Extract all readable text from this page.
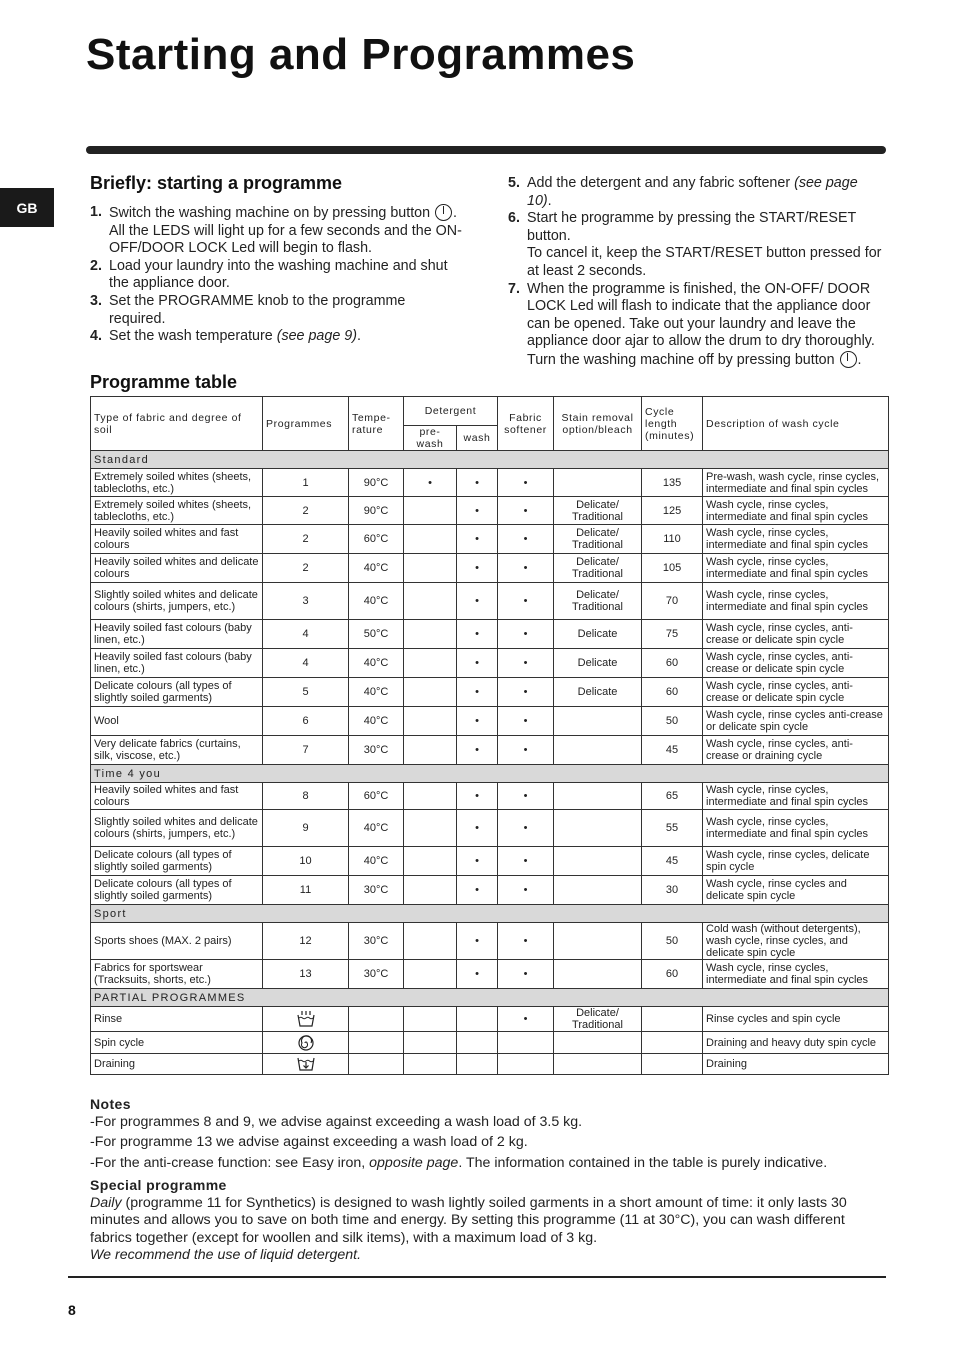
Starting and Programmes
GB
Briefly: starting a programme
1. Switch the washing machine on by pressing button . All the LEDS will light up for a few seconds and the ON-OFF/DOOR LOCK Led will begin to flash.
2. Load your laundry into the washing machine and shut the appliance door.
3. Set the PROGRAMME knob to the programme required.
4. Set the wash temperature (see page 9).
5. Add the detergent and any fabric softener (see page 10).
6. Start he programme by pressing the START/RESET button.
To cancel it, keep the START/RESET button pressed for at least 2 seconds.
7. When the programme is finished, the ON-OFF/ DOOR LOCK Led will flash to indicate that the appliance door can be opened. Take out your laundry and leave the appliance door ajar to allow the drum to dry thoroughly. Turn the washing machine off by pressing button .
Programme table
Type of fabric and degree of soil	Programmes	Tempe-rature	Detergent		Fabric softener	Stain removal option/bleach	Cycle length (minutes)	Description of wash cycle
			pre-wash	wash				
Standard								
Extremely soiled whites (sheets, tablecloths, etc.)	1	90°C	•	•	•		135	Pre-wash, wash cycle, rinse cycles, intermediate and final spin cycles
Extremely soiled whites (sheets, tablecloths, etc.)	2	90°C		•	•	Delicate/ Traditional	125	Wash cycle, rinse cycles, intermediate and final spin cycles
Heavily soiled whites and fast colours	2	60°C		•	•	Delicate/ Traditional	110	Wash cycle, rinse cycles, intermediate and final spin cycles
Heavily soiled whites and delicate colours	2	40°C		•	•	Delicate/ Traditional	105	Wash cycle, rinse cycles, intermediate and final spin cycles
Slightly soiled whites and delicate colours (shirts, jumpers, etc.)	3	40°C		•	•	Delicate/ Traditional	70	Wash cycle, rinse cycles, intermediate and final spin cycles
Heavily soiled fast colours (baby linen, etc.)	4	50°C		•	•	Delicate	75	Wash cycle, rinse cycles, anti-crease or delicate spin cycle
Heavily soiled fast colours (baby linen, etc.)	4	40°C		•	•	Delicate	60	Wash cycle, rinse cycles, anti-crease or delicate spin cycle
Delicate colours (all types of slightly soiled garments)	5	40°C		•	•	Delicate	60	Wash cycle, rinse cycles, anti-crease or delicate spin cycle
Wool	6	40°C		•	•		50	Wash cycle, rinse cycles anti-crease or delicate spin cycle
Very delicate fabrics (curtains, silk, viscose, etc.)	7	30°C		•	•		45	Wash cycle, rinse cycles, anti-crease or draining cycle
Time 4 you								
Heavily soiled whites and fast colours	8	60°C		•	•		65	Wash cycle, rinse cycles, intermediate and final spin cycles
Slightly soiled whites and delicate colours (shirts, jumpers, etc.)	9	40°C		•	•		55	Wash cycle, rinse cycles, intermediate and final spin cycles
Delicate colours (all types of slightly soiled garments)	10	40°C		•	•		45	Wash cycle, rinse cycles, delicate spin cycle
Delicate colours (all types of slightly soiled garments)	11	30°C		•	•		30	Wash cycle, rinse cycles and delicate spin cycle
Sport								
Sports shoes (MAX. 2 pairs)	12	30°C		•	•		50	Cold wash (without detergents), wash cycle, rinse cycles, and delicate spin cycle
Fabrics for sportswear (Tracksuits, shorts, etc.)	13	30°C		•	•		60	Wash cycle, rinse cycles, intermediate and final spin cycles
PARTIAL PROGRAMMES								
Rinse					•	Delicate/ Traditional		Rinse cycles and spin cycle
Spin cycle								Draining and heavy duty spin cycle
Draining								Draining

Notes

-For programmes 8 and 9, we advise against exceeding a wash load of 3.5 kg.

-For programme 13 we advise against exceeding a wash load of 2 kg.

-For the anti-crease function: see Easy iron, opposite page. The information contained in the table is purely indicative.

Special programme

Daily (programme 11 for Synthetics) is designed to wash lightly soiled garments in a short amount of time: it only lasts 30 minutes and allows you to save on both time and energy. By setting this programme (11 at 30°C), you can wash different fabrics together (except for woollen and silk items), with a maximum load of 3 kg.

We recommend the use of liquid detergent.

8
